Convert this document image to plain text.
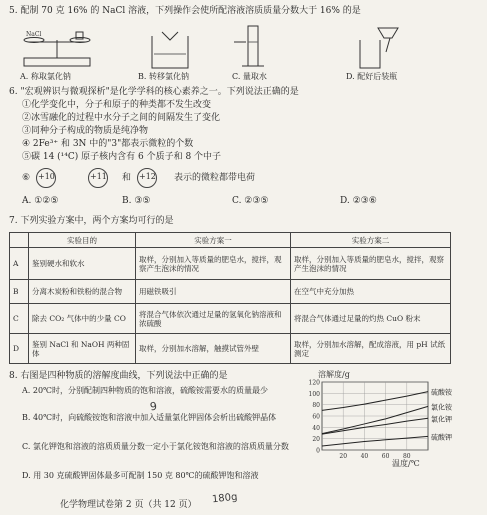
5. 配制 70 克 16% 的 NaCl 溶液，下列操作会使所配溶液溶质质量分数大于 16% 的是
NaCl
A. 称取氯化钠	B. 转移氯化钠	C. 量取水	D. 配好后装瓶
6. "宏观辨识与微观探析"是化学学科的核心素养之一。下列说法正确的是
①化学变化中，分子和原子的种类都不发生改变
②冰雪融化的过程中水分子之间的间隔发生了变化
③同种分子构成的物质是纯净物
④ 2Fe³⁺ 和 3N 中的"3"都表示微粒的个数
⑤碳 14 (¹⁴C) 原子核内含有 6 个质子和 8 个中子
⑥ +10	+11 和 +12 表示的微粒都带电荷
A. ①②⑤	B. ③⑤	C. ②③⑤	D. ②③⑥
7. 下列实验方案中，两个方案均可行的是
	实验目的	实验方案一	实验方案二
A	鉴别硬水和软水	取样，分别加入等质量的肥皂水，搅拌，观察产生泡沫的情况	取样，分别加入等质量的肥皂水，搅拌，观察产生泡沫的情况
B	分离木炭粉和铁粉的混合物	用磁铁吸引	在空气中充分加热
C	除去 CO₂ 气体中的少量 CO	将混合气体依次通过足量的氢氧化钠溶液和浓硫酸	将混合气体通过足量的灼热 CuO 粉末
D	鉴别 NaCl 和 NaOH 两种固体	取样，分别加水溶解，触摸试管外壁	取样，分别加水溶解，配成溶液，用 pH 试纸测定
8. 右图是四种物质的溶解度曲线，下列说法中正确的是
A. 20℃时，分别配制四种物质的饱和溶液，硫酸铵需要水的质量最少
B. 40℃时，向硫酸铵饱和溶液中加入适量氯化钾固体会析出硫酸钾晶体
C. 氯化钾饱和溶液的溶质质量分数一定小于氯化铵饱和溶液的溶质质量分数
D. 用 30 克硫酸钾固体最多可配制 150 克 80℃的硫酸钾饱和溶液
溶解度/g
温度/℃
0
20
40
60
80
100
120
20 40 60 80
硫酸铵
氯化铵
氯化钾
硫酸钾
化学物理试卷第 2 页（共 12 页）
9
180g
